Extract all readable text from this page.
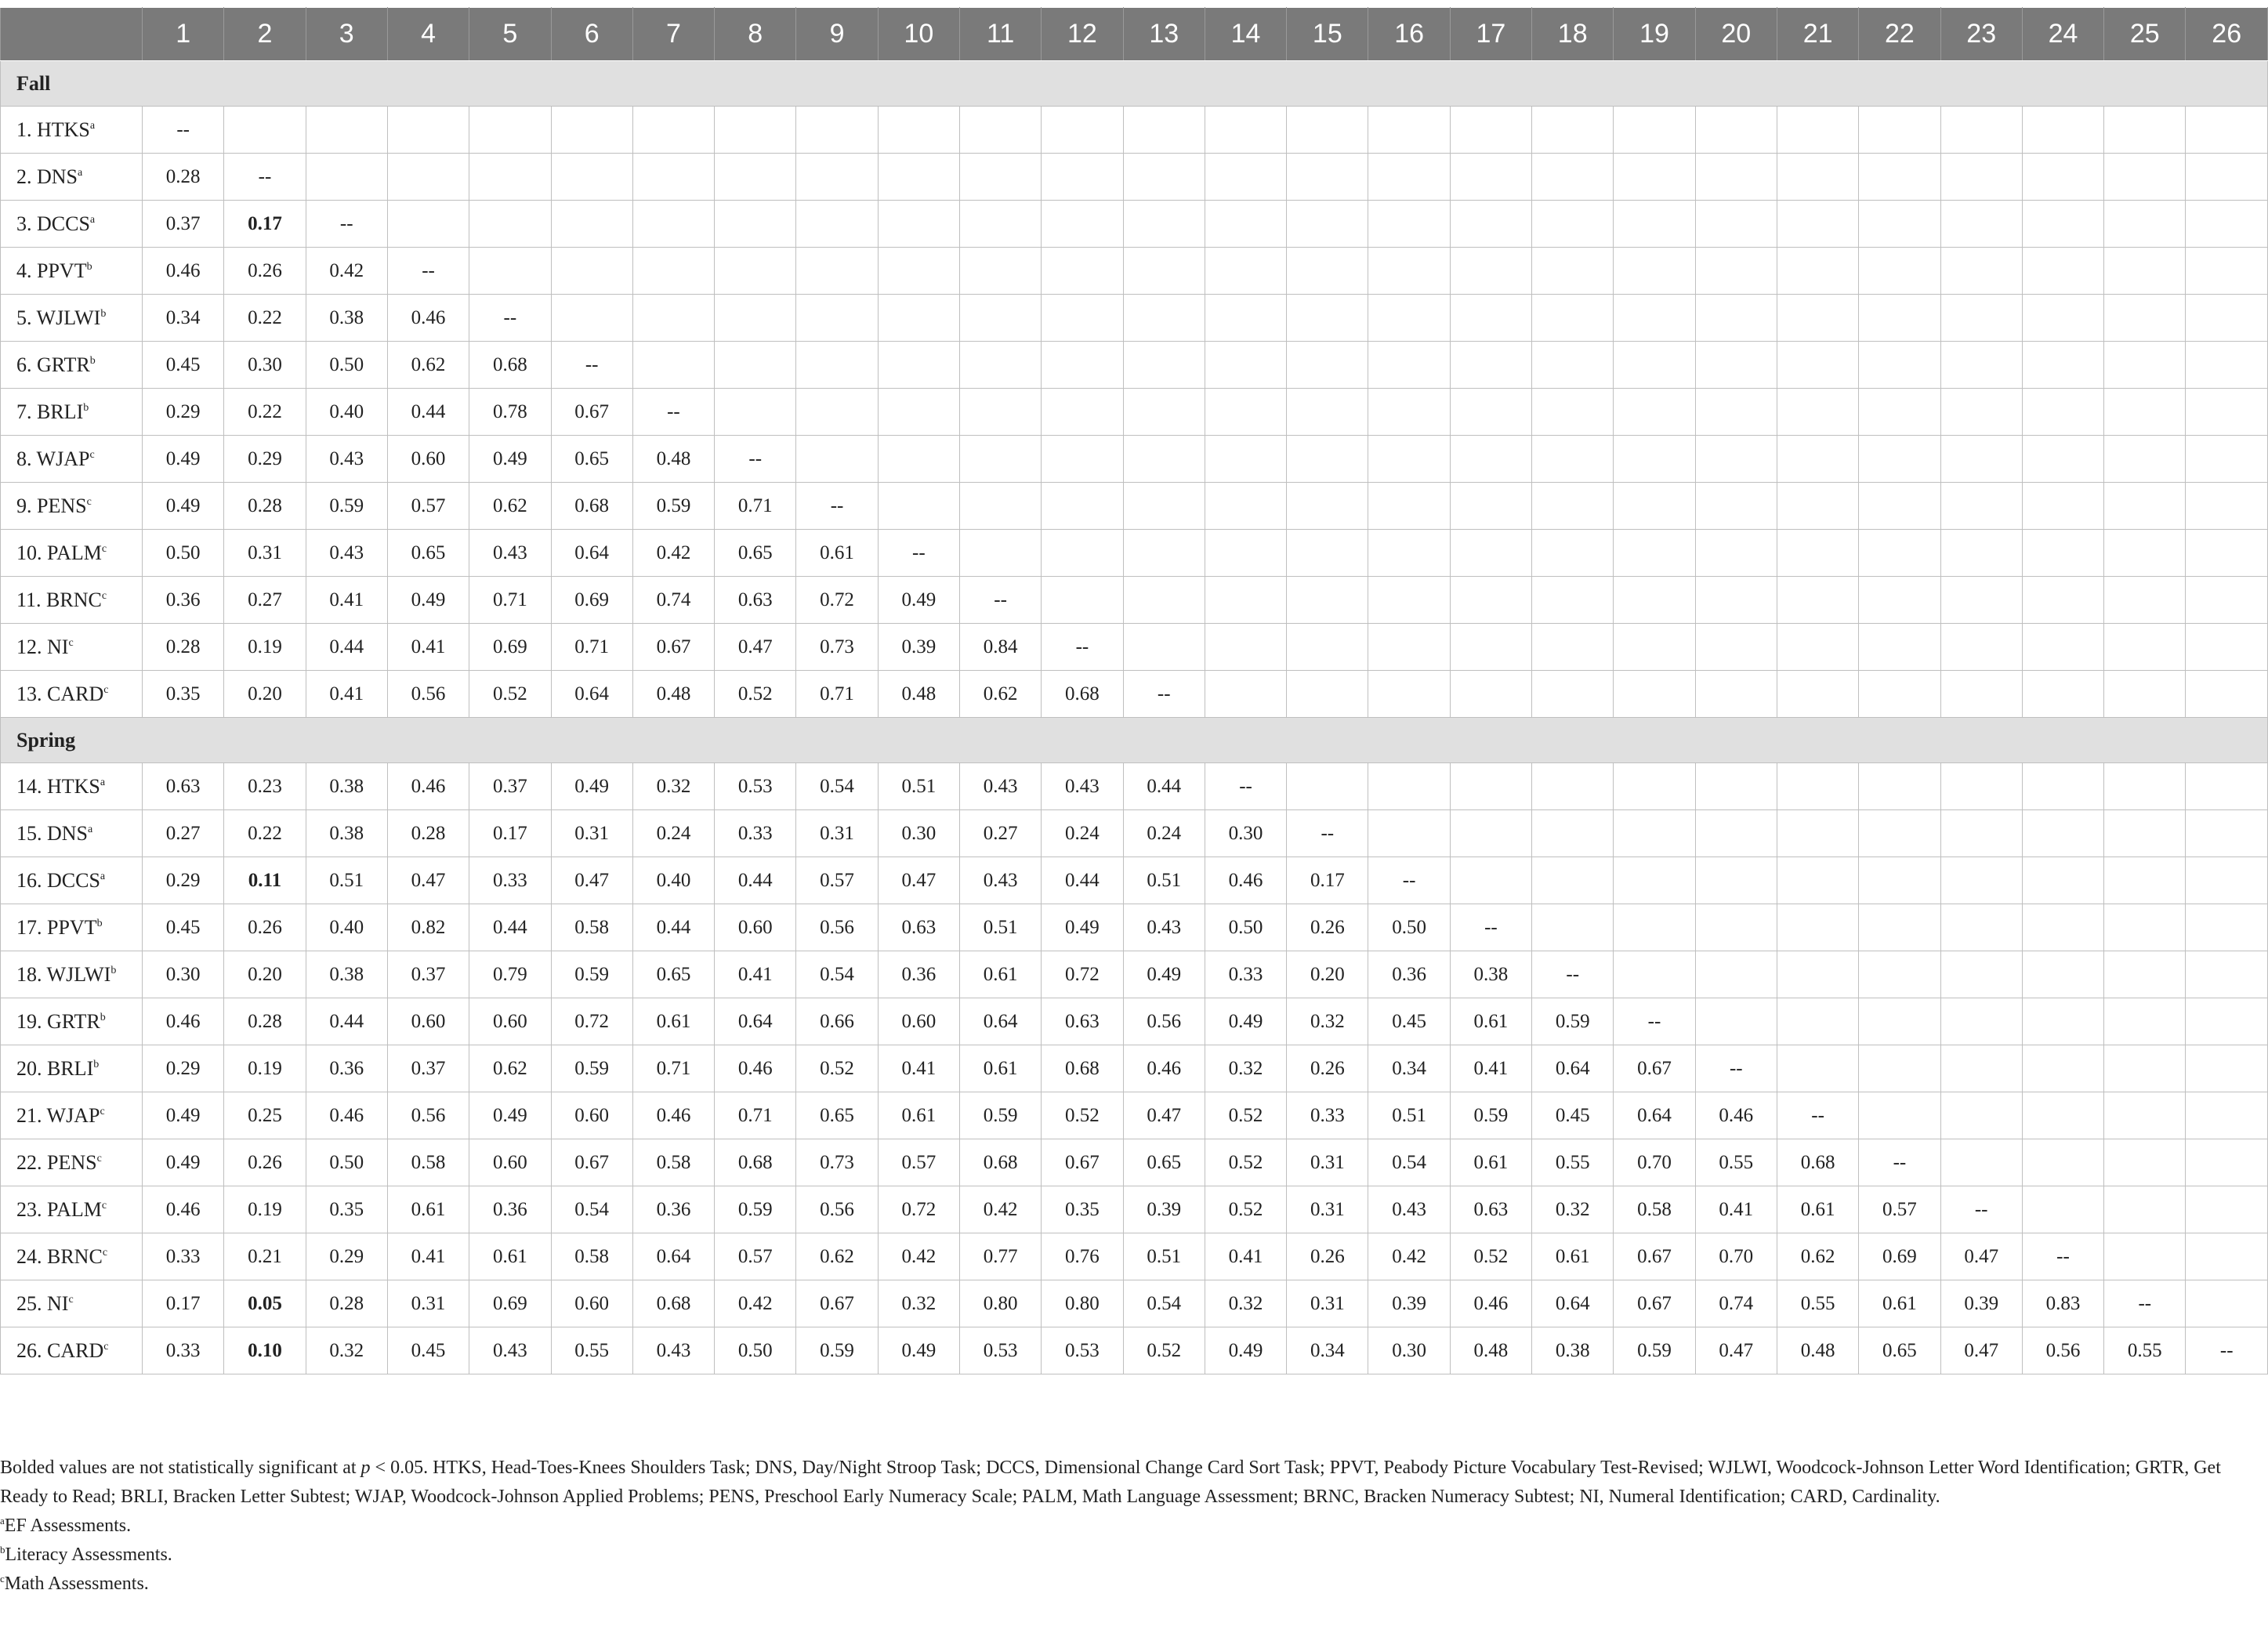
	1	2	3	4	5	6	7	8	9	10	11	12	13	14	15	16	17	18	19	20	21	22	23	24	25	26
Fall																										
1. HTKS$^a$	--																									
2. DNS$^a$	0.28	--																								
3. DCCS$^a$	0.37	0.17	--																							
4. PPVT$^b$	0.46	0.26	0.42	--																						
5. WJLWI$^b$	0.34	0.22	0.38	0.46	--																					
6. GRTR$^b$	0.45	0.30	0.50	0.62	0.68	--																				
7. BRLI$^b$	0.29	0.22	0.40	0.44	0.78	0.67	--																			
8. WJAP$^c$	0.49	0.29	0.43	0.60	0.49	0.65	0.48	--																		
9. PENS$^c$	0.49	0.28	0.59	0.57	0.62	0.68	0.59	0.71	--																	
10. PALM$^c$	0.50	0.31	0.43	0.65	0.43	0.64	0.42	0.65	0.61	--																
11. BRNC$^c$	0.36	0.27	0.41	0.49	0.71	0.69	0.74	0.63	0.72	0.49	--															
12. $NI^c$	0.28	0.19	0.44	0.41	0.69	0.71	0.67	0.47	0.73	0.39	0.84	--														
13. CARD$^c$	0.35	0.20	0.41	0.56	0.52	0.64	0.48	0.52	0.71	0.48	0.62	0.68	--													
Spring																										
14. HTKS$^a$	0.63	0.23	0.38	0.46	0.37	0.49	0.32	0.53	0.54	0.51	0.43	0.43	0.44	--												
15. DNS$^a$	0.27	0.22	0.38	0.28	0.17	0.31	0.24	0.33	0.31	0.30	0.27	0.24	0.24	0.30	--											
16. DCCS$^a$	0.29	0.11	0.51	0.47	0.33	0.47	0.40	0.44	0.57	0.47	0.43	0.44	0.51	0.46	0.17	--										
17. PPVT$^b$	0.45	0.26	0.40	0.82	0.44	0.58	0.44	0.60	0.56	0.63	0.51	0.49	0.43	0.50	0.26	0.50	--									
18. WJLWI$^b$	0.30	0.20	0.38	0.37	0.79	0.59	0.65	0.41	0.54	0.36	0.61	0.72	0.49	0.33	0.20	0.36	0.38	--								
19. GRTR$^b$	0.46	0.28	0.44	0.60	0.60	0.72	0.61	0.64	0.66	0.60	0.64	0.63	0.56	0.49	0.32	0.45	0.61	0.59	--							
20. BRLI$^b$	0.29	0.19	0.36	0.37	0.62	0.59	0.71	0.46	0.52	0.41	0.61	0.68	0.46	0.32	0.26	0.34	0.41	0.64	0.67	--						
21. WJAP$^c$	0.49	0.25	0.46	0.56	0.49	0.60	0.46	0.71	0.65	0.61	0.59	0.52	0.47	0.52	0.33	0.51	0.59	0.45	0.64	0.46	--					
22. PENS$^c$	0.49	0.26	0.50	0.58	0.60	0.67	0.58	0.68	0.73	0.57	0.68	0.67	0.65	0.52	0.31	0.54	0.61	0.55	0.70	0.55	0.68	--				
23. PALM$^c$	0.46	0.19	0.35	0.61	0.36	0.54	0.36	0.59	0.56	0.72	0.42	0.35	0.39	0.52	0.31	0.43	0.63	0.32	0.58	0.41	0.61	0.57	--			
24. BRNC$^c$	0.33	0.21	0.29	0.41	0.61	0.58	0.64	0.57	0.62	0.42	0.77	0.76	0.51	0.41	0.26	0.42	0.52	0.61	0.67	0.70	0.62	0.69	0.47	--		
25. $NI^c$	0.17	0.05	0.28	0.31	0.69	0.60	0.68	0.42	0.67	0.32	0.80	0.80	0.54	0.32	0.31	0.39	0.46	0.64	0.67	0.74	0.55	0.61	0.39	0.83	--	
26. CARD$^c$	0.33	0.10	0.32	0.45	0.43	0.55	0.43	0.50	0.59	0.49	0.53	0.53	0.52	0.49	0.34	0.30	0.48	0.38	0.59	0.47	0.48	0.65	0.47	0.56	0.55	--

Bolded values are not statistically significant at p < 0.05. HTKS, Head-Toes-Knees Shoulders Task; DNS, Day/Night Stroop Task; DCCS, Dimensional Change Card Sort Task; PPVT, Peabody Picture Vocabulary Test-Revised; WJLWI, Woodcock-Johnson Letter Word Identification; GRTR, Get Ready to Read; BRLI, Bracken Letter Subtest; WJAP, Woodcock-Johnson Applied Problems; PENS, Preschool Early Numeracy Scale; PALM, Math Language Assessment; BRNC, Bracken Numeracy Subtest; NI, Numeral Identification; CARD, Cardinality.

$^a$EF Assessments.

$^b$Literacy Assessments.

$^c$Math Assessments.
